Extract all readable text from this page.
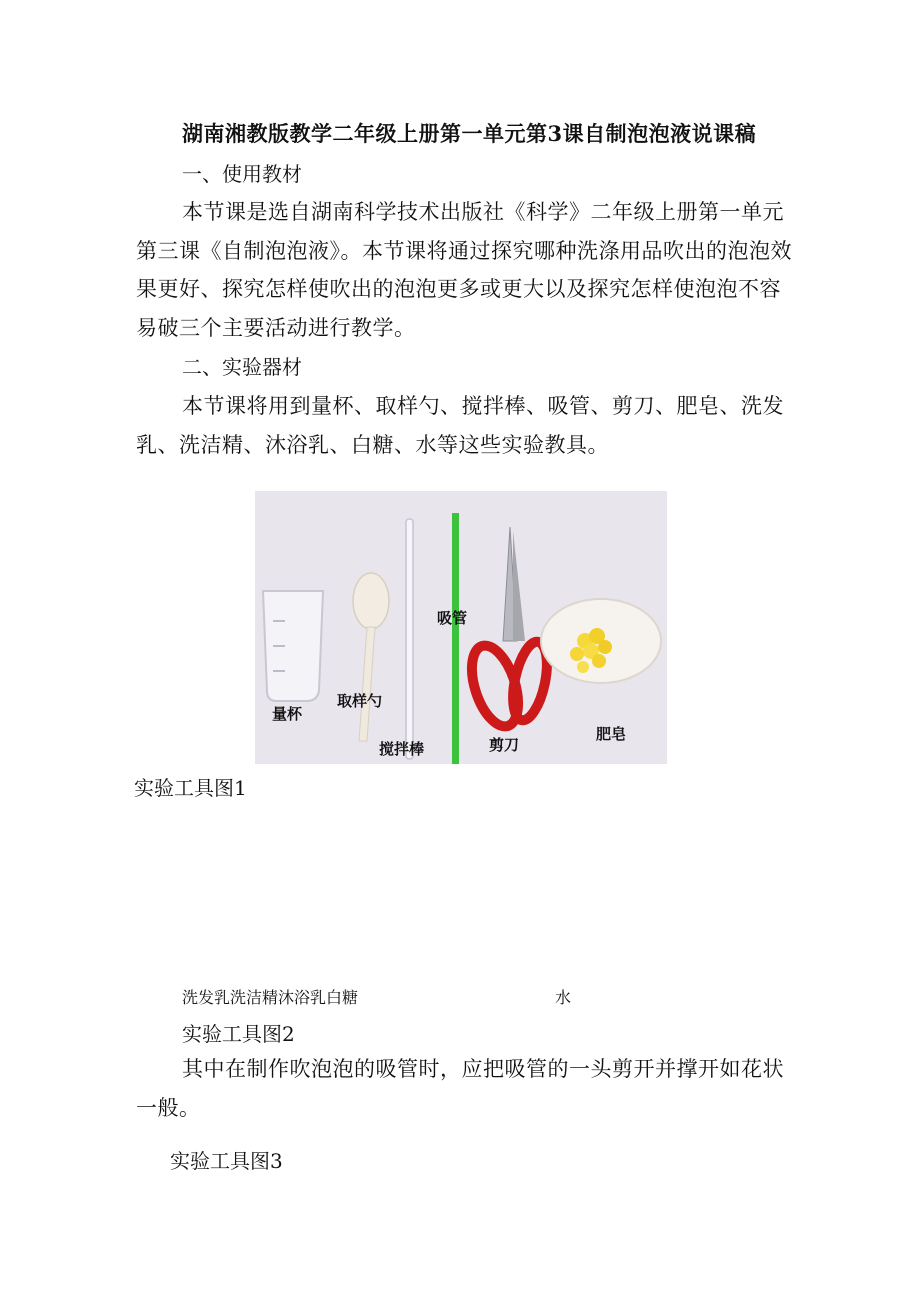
湖南湘教版教学二年级上册第一单元第3课自制泡泡液说课稿
一、使用教材
本节课是选自湖南科学技术出版社《科学》二年级上册第一单元第三课《自制泡泡液》。本节课将通过探究哪种洗涤用品吹出的泡泡效果更好、探究怎样使吹出的泡泡更多或更大以及探究怎样使泡泡不容易破三个主要活动进行教学。
二、实验器材
本节课将用到量杯、取样勺、搅拌棒、吸管、剪刀、肥皂、洗发乳、洗洁精、沐浴乳、白糖、水等这些实验教具。
量杯
取样勺
搅拌棒
吸管
剪刀
肥皂
实验工具图1
洗发乳洗洁精沐浴乳白糖	水
实验工具图2
其中在制作吹泡泡的吸管时，应把吸管的一头剪开并撑开如花状一般。
实验工具图3
